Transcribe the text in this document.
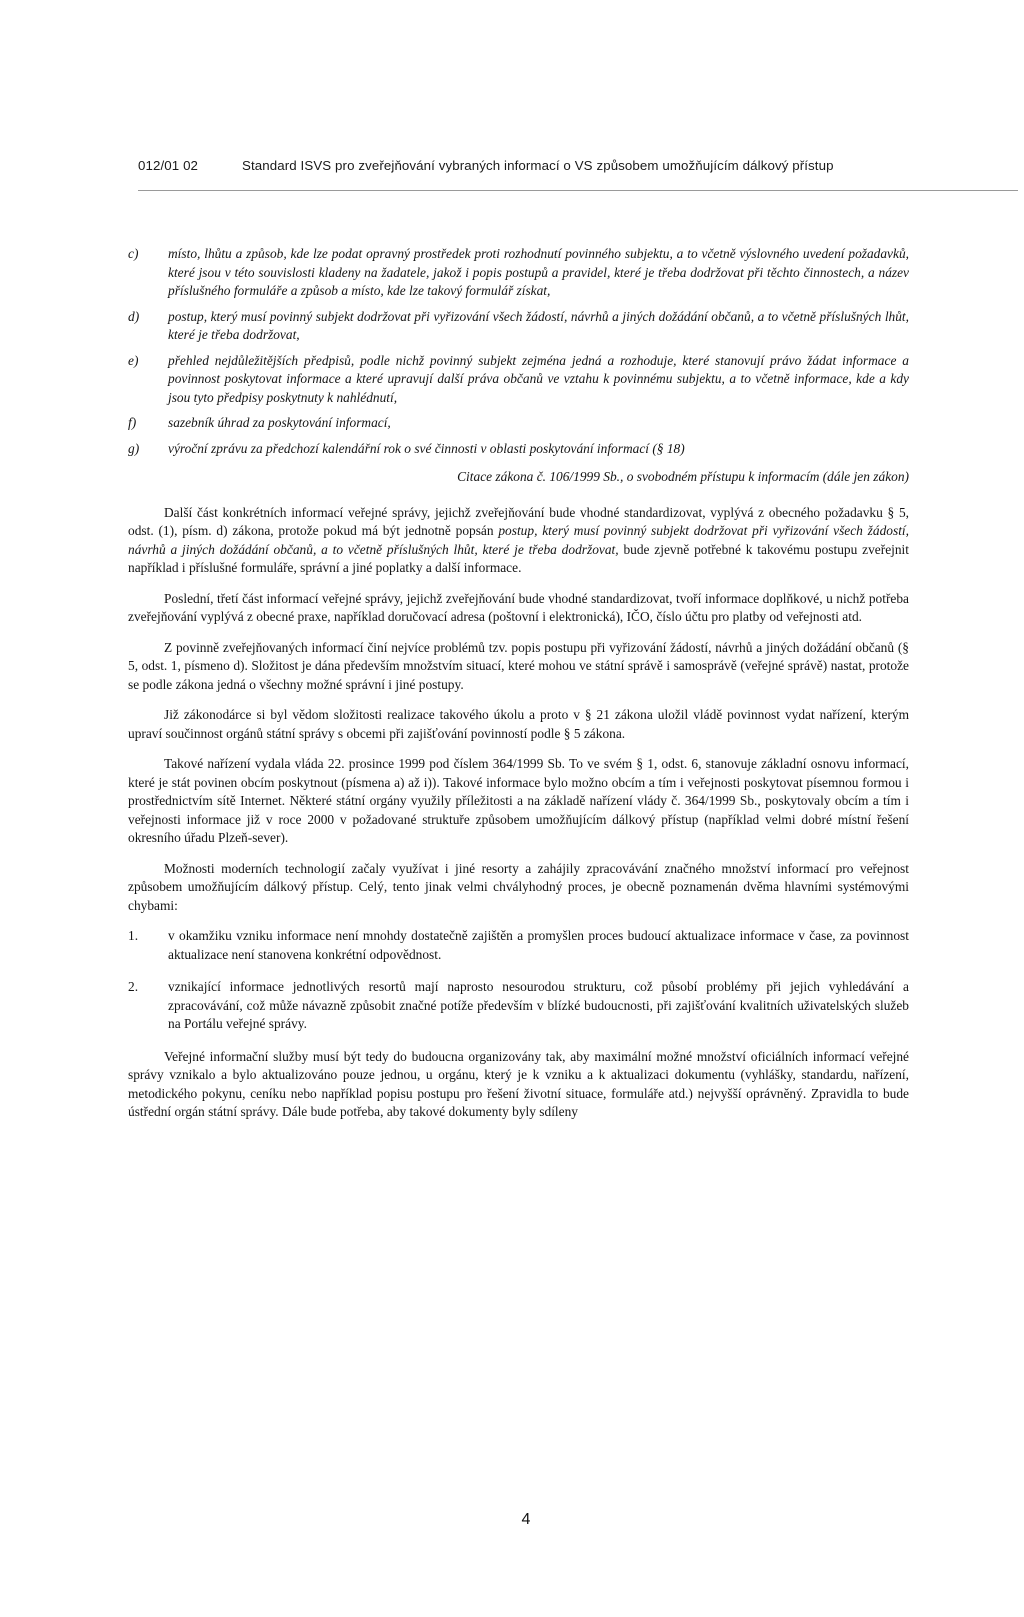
012/01 02	Standard ISVS pro zveřejňování vybraných informací o VS způsobem umožňujícím dálkový přístup
c) místo, lhůtu a způsob, kde lze podat opravný prostředek proti rozhodnutí povinného subjektu, a to včetně výslovného uvedení požadavků, které jsou v této souvislosti kladeny na žadatele, jakož i popis postupů a pravidel, které je třeba dodržovat při těchto činnostech, a název příslušného formuláře a způsob a místo, kde lze takový formulář získat,
d) postup, který musí povinný subjekt dodržovat při vyřizování všech žádostí, návrhů a jiných dožádání občanů, a to včetně příslušných lhůt, které je třeba dodržovat,
e) přehled nejdůležitějších předpisů, podle nichž povinný subjekt zejména jedná a rozhoduje, které stanovují právo žádat informace a povinnost poskytovat informace a které upravují další práva občanů ve vztahu k povinnému subjektu, a to včetně informace, kde a kdy jsou tyto předpisy poskytnuty k nahlédnutí,
f) sazebník úhrad za poskytování informací,
g) výroční zprávu za předchozí kalendářní rok o své činnosti v oblasti poskytování informací (§ 18)
Citace zákona č. 106/1999 Sb., o svobodném přístupu k informacím (dále jen zákon)

Další část konkrétních informací veřejné správy, jejichž zveřejňování bude vhodné standardizovat, vyplývá z obecného požadavku § 5, odst. (1), písm. d) zákona, protože pokud má být jednotně popsán postup, který musí povinný subjekt dodržovat při vyřizování všech žádostí, návrhů a jiných dožádání občanů, a to včetně příslušných lhůt, které je třeba dodržovat, bude zjevně potřebné k takovému postupu zveřejnit například i příslušné formuláře, správní a jiné poplatky a další informace.

Poslední, třetí část informací veřejné správy, jejichž zveřejňování bude vhodné standardizovat, tvoří informace doplňkové, u nichž potřeba zveřejňování vyplývá z obecné praxe, například doručovací adresa (poštovní i elektronická), IČO, číslo účtu pro platby od veřejnosti atd.

Z povinně zveřejňovaných informací činí nejvíce problémů tzv. popis postupu při vyřizování žádostí, návrhů a jiných dožádání občanů (§ 5, odst. 1, písmeno d). Složitost je dána především množstvím situací, které mohou ve státní správě i samosprávě (veřejné správě) nastat, protože se podle zákona jedná o všechny možné správní i jiné postupy.

Již zákonodárce si byl vědom složitosti realizace takového úkolu a proto v § 21 zákona uložil vládě povinnost vydat nařízení, kterým upraví součinnost orgánů státní správy s obcemi při zajišťování povinností podle § 5 zákona.

Takové nařízení vydala vláda 22. prosince 1999 pod číslem 364/1999 Sb. To ve svém § 1, odst. 6, stanovuje základní osnovu informací, které je stát povinen obcím poskytnout (písmena a) až i)). Takové informace bylo možno obcím a tím i veřejnosti poskytovat písemnou formou i prostřednictvím sítě Internet. Některé státní orgány využily příležitosti a na základě nařízení vlády č. 364/1999 Sb., poskytovaly obcím a tím i veřejnosti informace již v roce 2000 v požadované struktuře způsobem umožňujícím dálkový přístup (například velmi dobré místní řešení okresního úřadu Plzeň-sever).

Možnosti moderních technologií začaly využívat i jiné resorty a zahájily zpracovávání značného množství informací pro veřejnost způsobem umožňujícím dálkový přístup. Celý, tento jinak velmi chvályhodný proces, je obecně poznamenán dvěma hlavními systémovými chybami:

1. v okamžiku vzniku informace není mnohdy dostatečně zajištěn a promyšlen proces budoucí aktualizace informace v čase, za povinnost aktualizace není stanovena konkrétní odpovědnost.
2. vznikající informace jednotlivých resortů mají naprosto nesourodou strukturu, což působí problémy při jejich vyhledávání a zpracovávání, což může návazně způsobit značné potíže především v blízké budoucnosti, při zajišťování kvalitních uživatelských služeb na Portálu veřejné správy.

Veřejné informační služby musí být tedy do budoucna organizovány tak, aby maximální možné množství oficiálních informací veřejné správy vznikalo a bylo aktualizováno pouze jednou, u orgánu, který je k vzniku a k aktualizaci dokumentu (vyhlášky, standardu, nařízení, metodického pokynu, ceníku nebo například popisu postupu pro řešení životní situace, formuláře atd.) nejvyšší oprávněný. Zpravidla to bude ústřední orgán státní správy. Dále bude potřeba, aby takové dokumenty byly sdíleny

4
